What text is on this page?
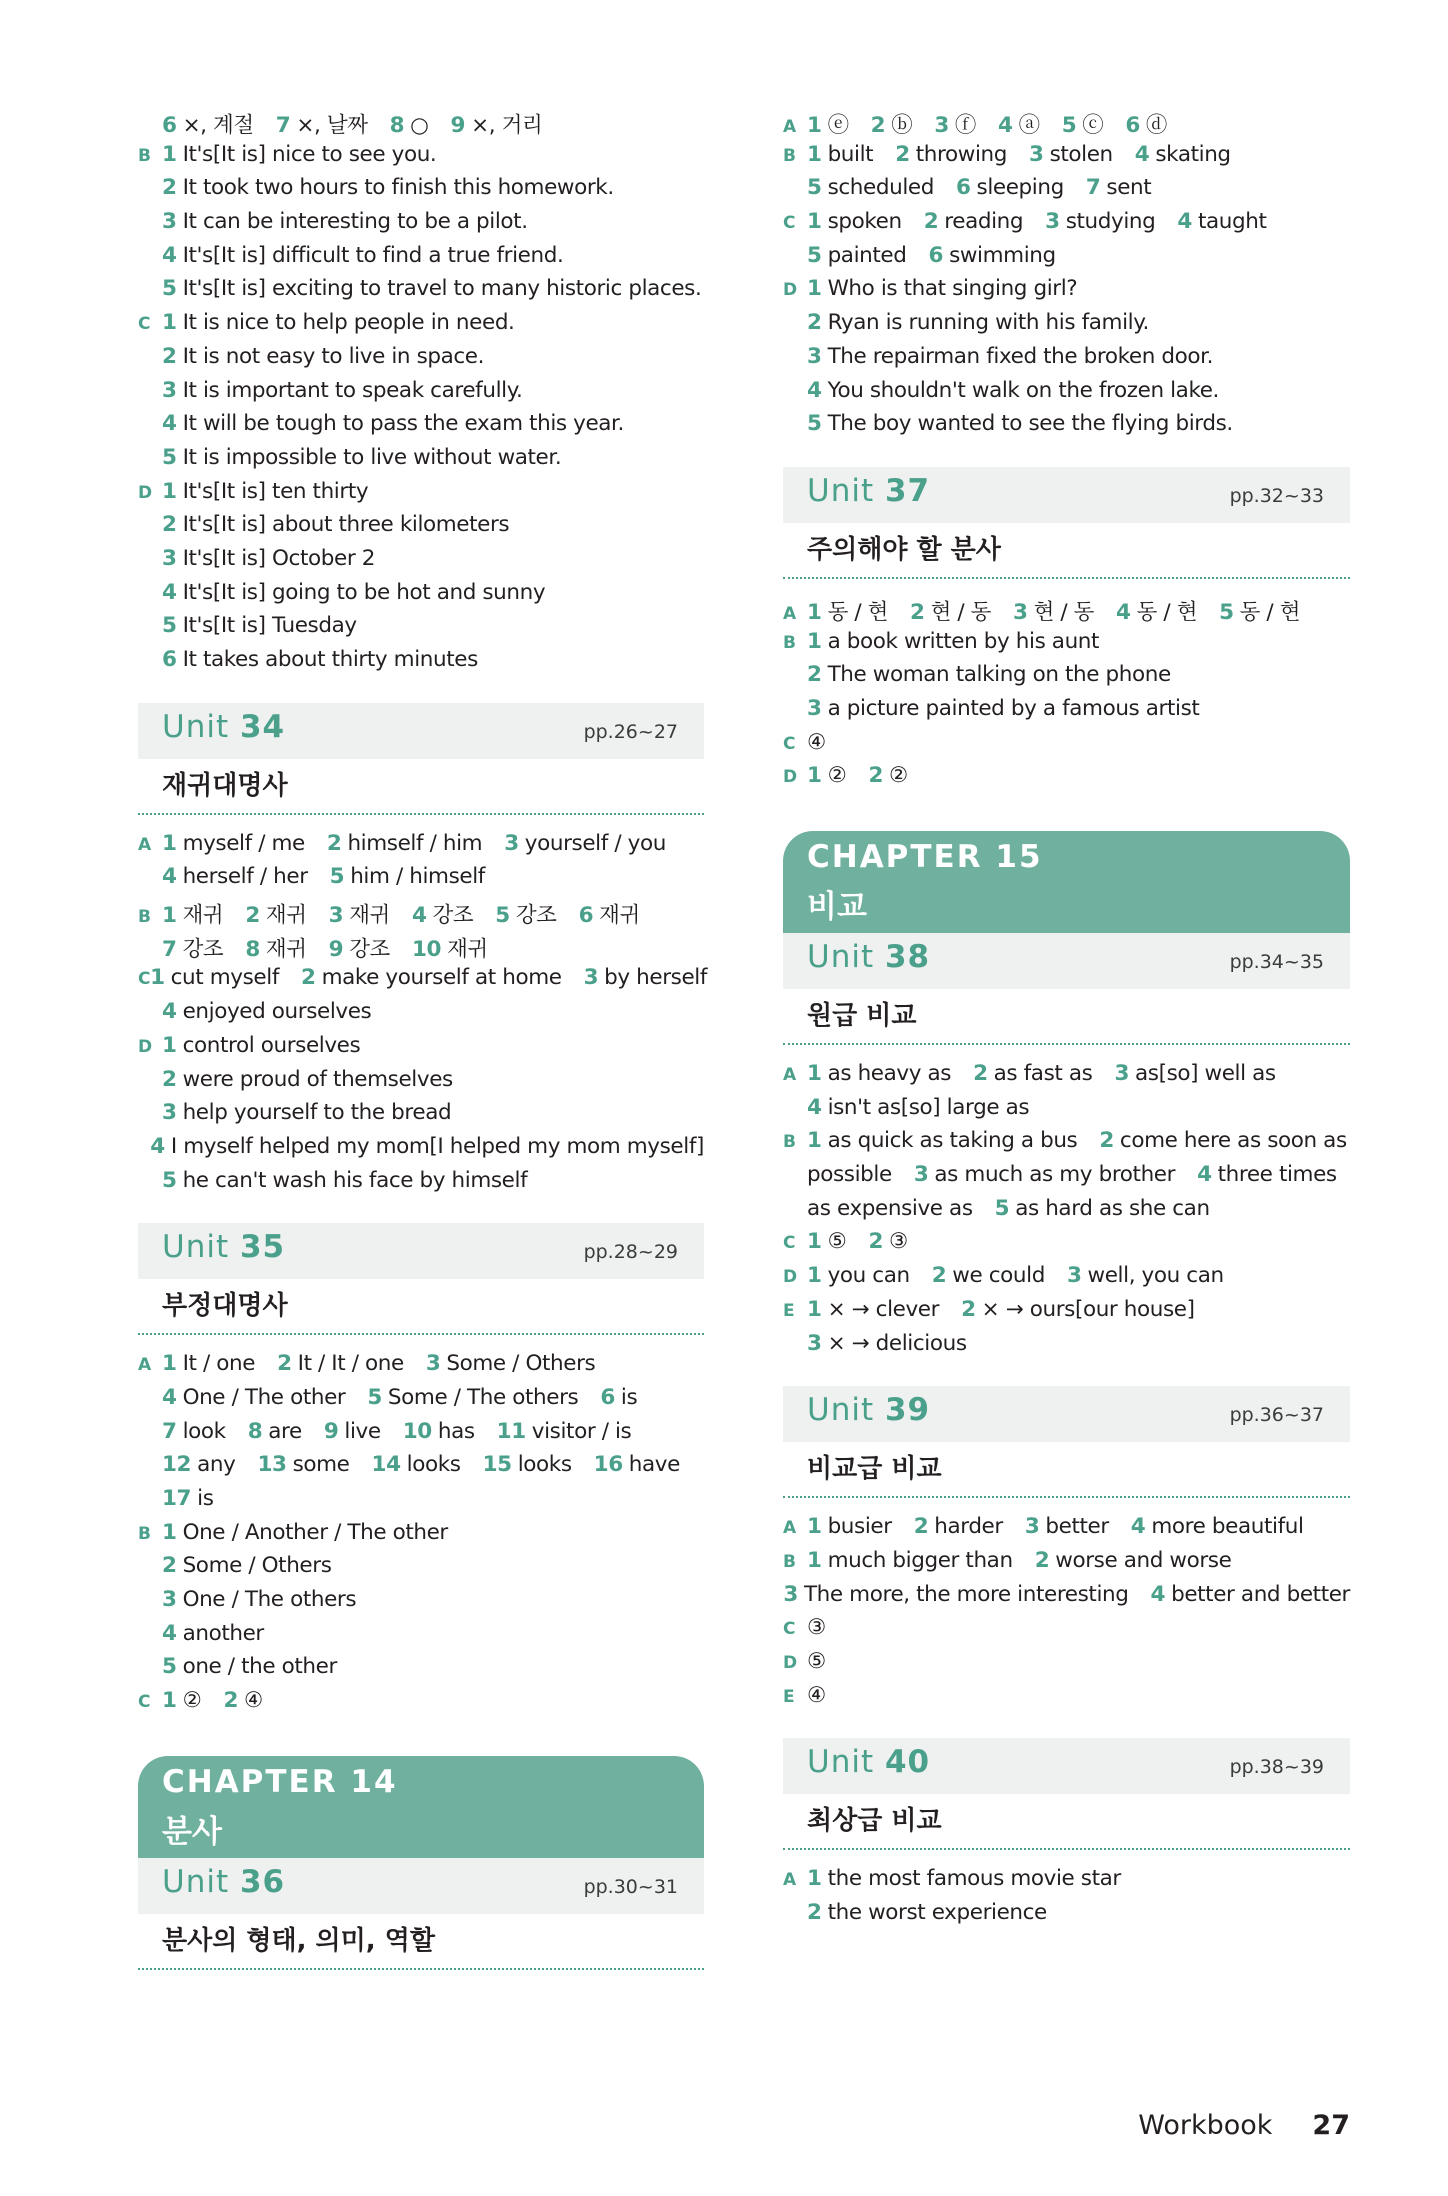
6 ×, 계절 7 ×, 날짜 8 ○ 9 ×, 거리
B 1 It's[It is] nice to see you.
2 It took two hours to finish this homework.
3 It can be interesting to be a pilot.
4 It's[It is] difficult to find a true friend.
5 It's[It is] exciting to travel to many historic places.
C 1 It is nice to help people in need.
2 It is not easy to live in space.
3 It is important to speak carefully.
4 It will be tough to pass the exam this year.
5 It is impossible to live without water.
D 1 It's[It is] ten thirty
2 It's[It is] about three kilometers
3 It's[It is] October 2
4 It's[It is] going to be hot and sunny
5 It's[It is] Tuesday
6 It takes about thirty minutes
Unit 34	pp.26~27
재귀대명사
A 1 myself / me 2 himself / him 3 yourself / you
4 herself / her 5 him / himself
B 1 재귀 2 재귀 3 재귀 4 강조 5 강조 6 재귀
7 강조 8 재귀 9 강조 10 재귀
C 1 cut myself 2 make yourself at home 3 by herself
4 enjoyed ourselves
D 1 control ourselves
2 were proud of themselves
3 help yourself to the bread
4 I myself helped my mom[I helped my mom myself]
5 he can't wash his face by himself
Unit 35	pp.28~29
부정대명사
A 1 It / one 2 It / It / one 3 Some / Others
4 One / The other 5 Some / The others 6 is
7 look 8 are 9 live 10 has 11 visitor / is
12 any 13 some 14 looks 15 looks 16 have
17 is
B 1 One / Another / The other
2 Some / Others
3 One / The others
4 another
5 one / the other
C 1 ② 2 ④
CHAPTER 14
분사
Unit 36	pp.30~31
분사의 형태, 의미, 역할
A 1 ⓔ 2 ⓑ 3 ⓕ 4 ⓐ 5 ⓒ 6 ⓓ
B 1 built 2 throwing 3 stolen 4 skating
5 scheduled 6 sleeping 7 sent
C 1 spoken 2 reading 3 studying 4 taught
5 painted 6 swimming
D 1 Who is that singing girl?
2 Ryan is running with his family.
3 The repairman fixed the broken door.
4 You shouldn't walk on the frozen lake.
5 The boy wanted to see the flying birds.
Unit 37	pp.32~33
주의해야 할 분사
A 1 동 / 현 2 현 / 동 3 현 / 동 4 동 / 현 5 동 / 현
B 1 a book written by his aunt
2 The woman talking on the phone
3 a picture painted by a famous artist
C ④
D 1 ② 2 ②
CHAPTER 15
비교
Unit 38	pp.34~35
원급 비교
A 1 as heavy as 2 as fast as 3 as[so] well as
4 isn't as[so] large as
B 1 as quick as taking a bus 2 come here as soon as
possible 3 as much as my brother 4 three times
as expensive as 5 as hard as she can
C 1 ⑤ 2 ③
D 1 you can 2 we could 3 well, you can
E 1 × → clever 2 × → ours[our house]
3 × → delicious
Unit 39	pp.36~37
비교급 비교
A 1 busier 2 harder 3 better 4 more beautiful
B 1 much bigger than 2 worse and worse
3 The more, the more interesting 4 better and better
C ③
D ⑤
E ④
Unit 40	pp.38~39
최상급 비교
A 1 the most famous movie star
2 the worst experience
Workbook 27
